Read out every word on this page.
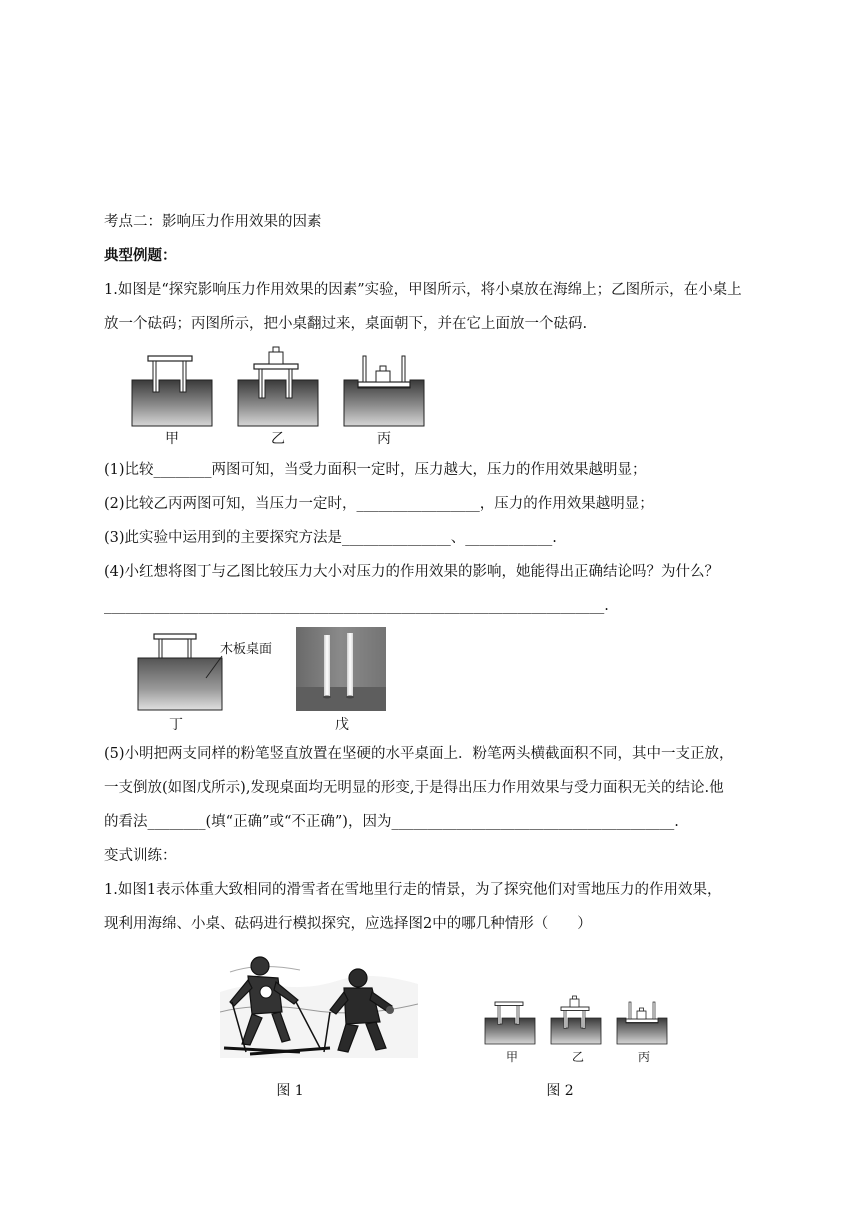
考点二：影响压力作用效果的因素
典型例题：
1.如图是“探究影响压力作用效果的因素”实验，甲图所示，将小桌放在海绵上；乙图所示，在小桌上
放一个砝码；丙图所示，把小桌翻过来，桌面朝下，并在它上面放一个砝码.
甲	乙	丙
(1)比较________两图可知，当受力面积一定时，压力越大，压力的作用效果越明显；
(2)比较乙丙两图可知，当压力一定时，_________________，压力的作用效果越明显；
(3)此实验中运用到的主要探究方法是_______________、____________.
(4)小红想将图丁与乙图比较压力大小对压力的作用效果的影响，她能得出正确结论吗？为什么？
_____________________________________________________________________.
木板桌面
丁	戊
(5)小明把两支同样的粉笔竖直放置在坚硬的水平桌面上．粉笔两头横截面积不同，其中一支正放，
一支倒放(如图戊所示),发现桌面均无明显的形变,于是得出压力作用效果与受力面积无关的结论.他
的看法________(填“正确”或“不正确”)，因为_______________________________________.
变式训练：
1.如图1表示体重大致相同的滑雪者在雪地里行走的情景，为了探究他们对雪地压力的作用效果，
现利用海绵、小桌、砝码进行模拟探究，应选择图2中的哪几种情形（　　）
图 1
甲	乙	丙
图 2
